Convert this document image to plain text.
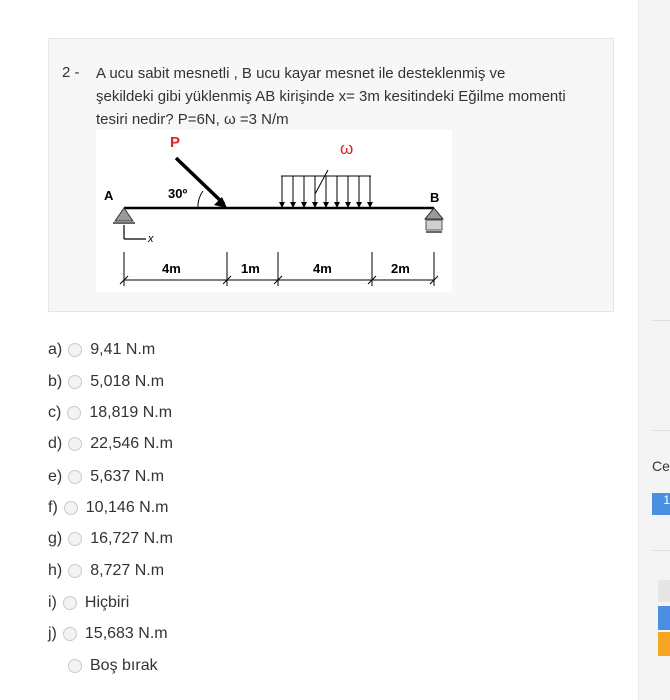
2 - A ucu sabit mesnetli , B ucu kayar mesnet ile desteklenmiş ve şekildeki gibi yüklenmiş AB kirişinde x= 3m kesitindeki Eğilme momenti tesiri nedir? P=6N, ω =3 N/m
x
A	B
P
30º
ω
4m	1m	4m	2m
a) 9,41 N.m
b) 5,018 N.m
c) 18,819 N.m
d) 22,546 N.m
e) 5,637 N.m
f) 10,146 N.m
g) 16,727 N.m
h) 8,727 N.m
i) Hiçbiri
j) 15,683 N.m
Boş bırak
Ce
1
